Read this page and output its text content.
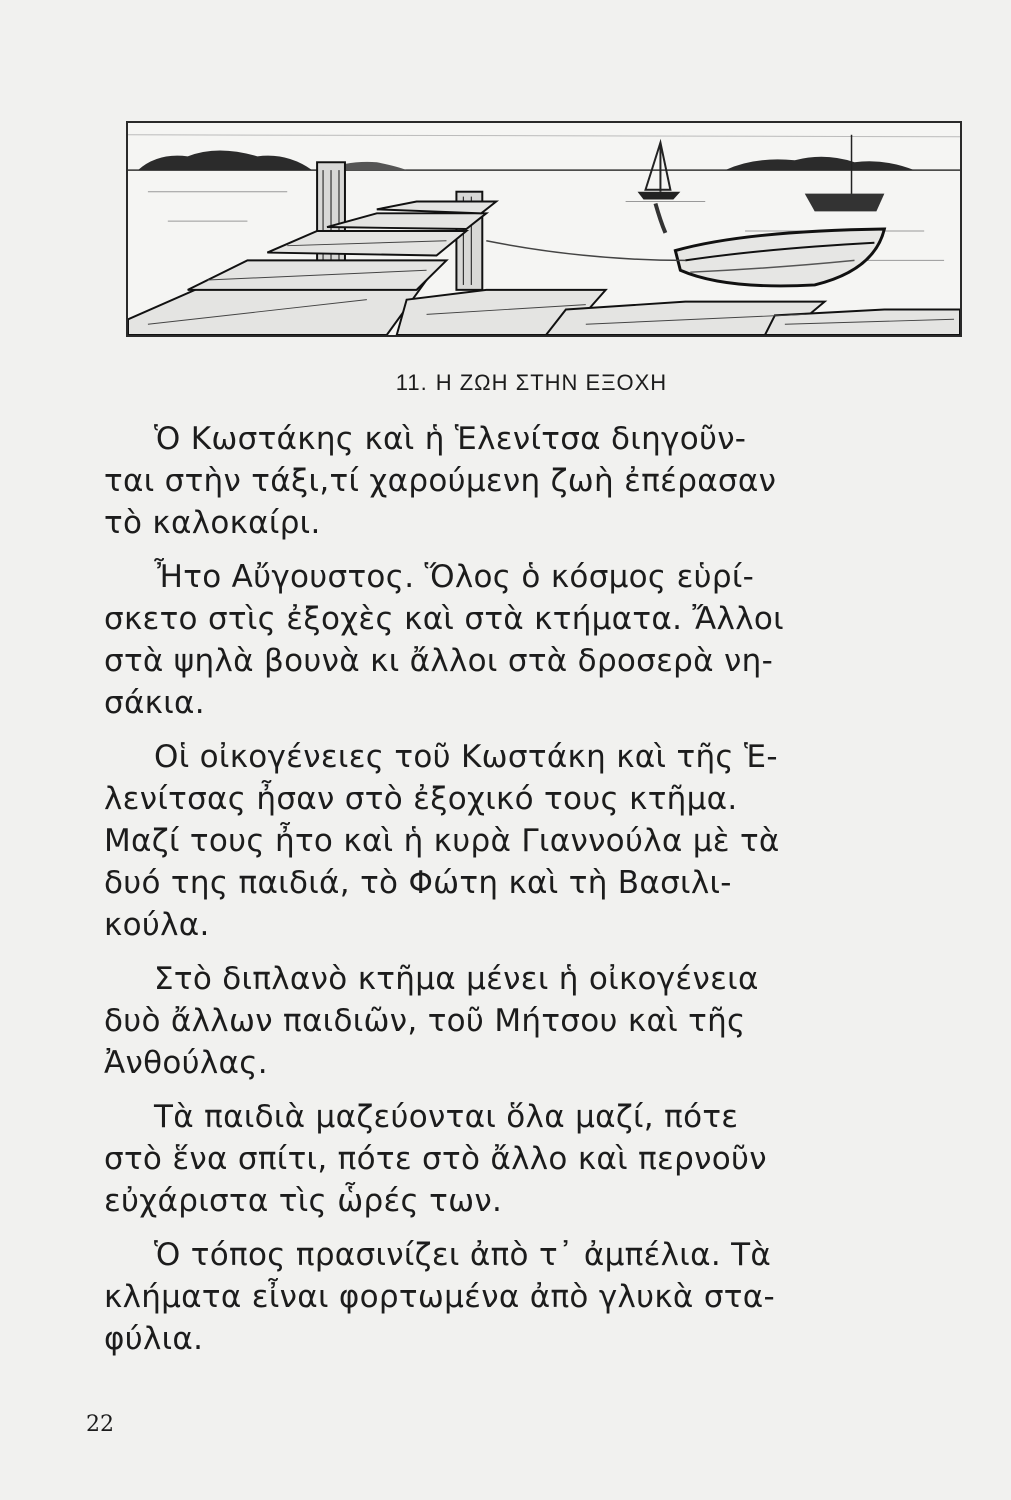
11. Η ΖΩΗ ΣΤΗΝ ΕΞΟΧΗ

Ὁ Κωστάκης καὶ ἡ Ἑλενίτσα διηγοῦν-
ται στὴν τάξι,τί χαρούμενη ζωὴ ἐπέρασαν
τὸ καλοκαίρι.

Ἦτο Αὔγουστος. Ὅλος ὁ κόσμος εὑρί-
σκετο στὶς ἐξοχὲς καὶ στὰ κτήματα. Ἄλλοι
στὰ ψηλὰ βουνὰ κι ἄλλοι στὰ δροσερὰ νη-
σάκια.

Οἱ οἰκογένειες τοῦ Κωστάκη καὶ τῆς Ἑ-
λενίτσας ἦσαν στὸ ἐξοχικό τους κτῆμα.
Μαζί τους ἦτο καὶ ἡ κυρὰ Γιαννούλα μὲ τὰ
δυό της παιδιά, τὸ Φώτη καὶ τὴ Βασιλι-
κούλα.

Στὸ διπλανὸ κτῆμα μένει ἡ οἰκογένεια
δυὸ ἄλλων παιδιῶν, τοῦ Μήτσου καὶ τῆς
Ἀνθούλας.

Τὰ παιδιὰ μαζεύονται ὅλα μαζί, πότε
στὸ ἕνα σπίτι, πότε στὸ ἄλλο καὶ περνοῦν
εὐχάριστα τὶς ὧρές των.

Ὁ τόπος πρασινίζει ἀπὸ τ᾿ ἀμπέλια. Τὰ
κλήματα εἶναι φορτωμένα ἀπὸ γλυκὰ στα-
φύλια.

22
